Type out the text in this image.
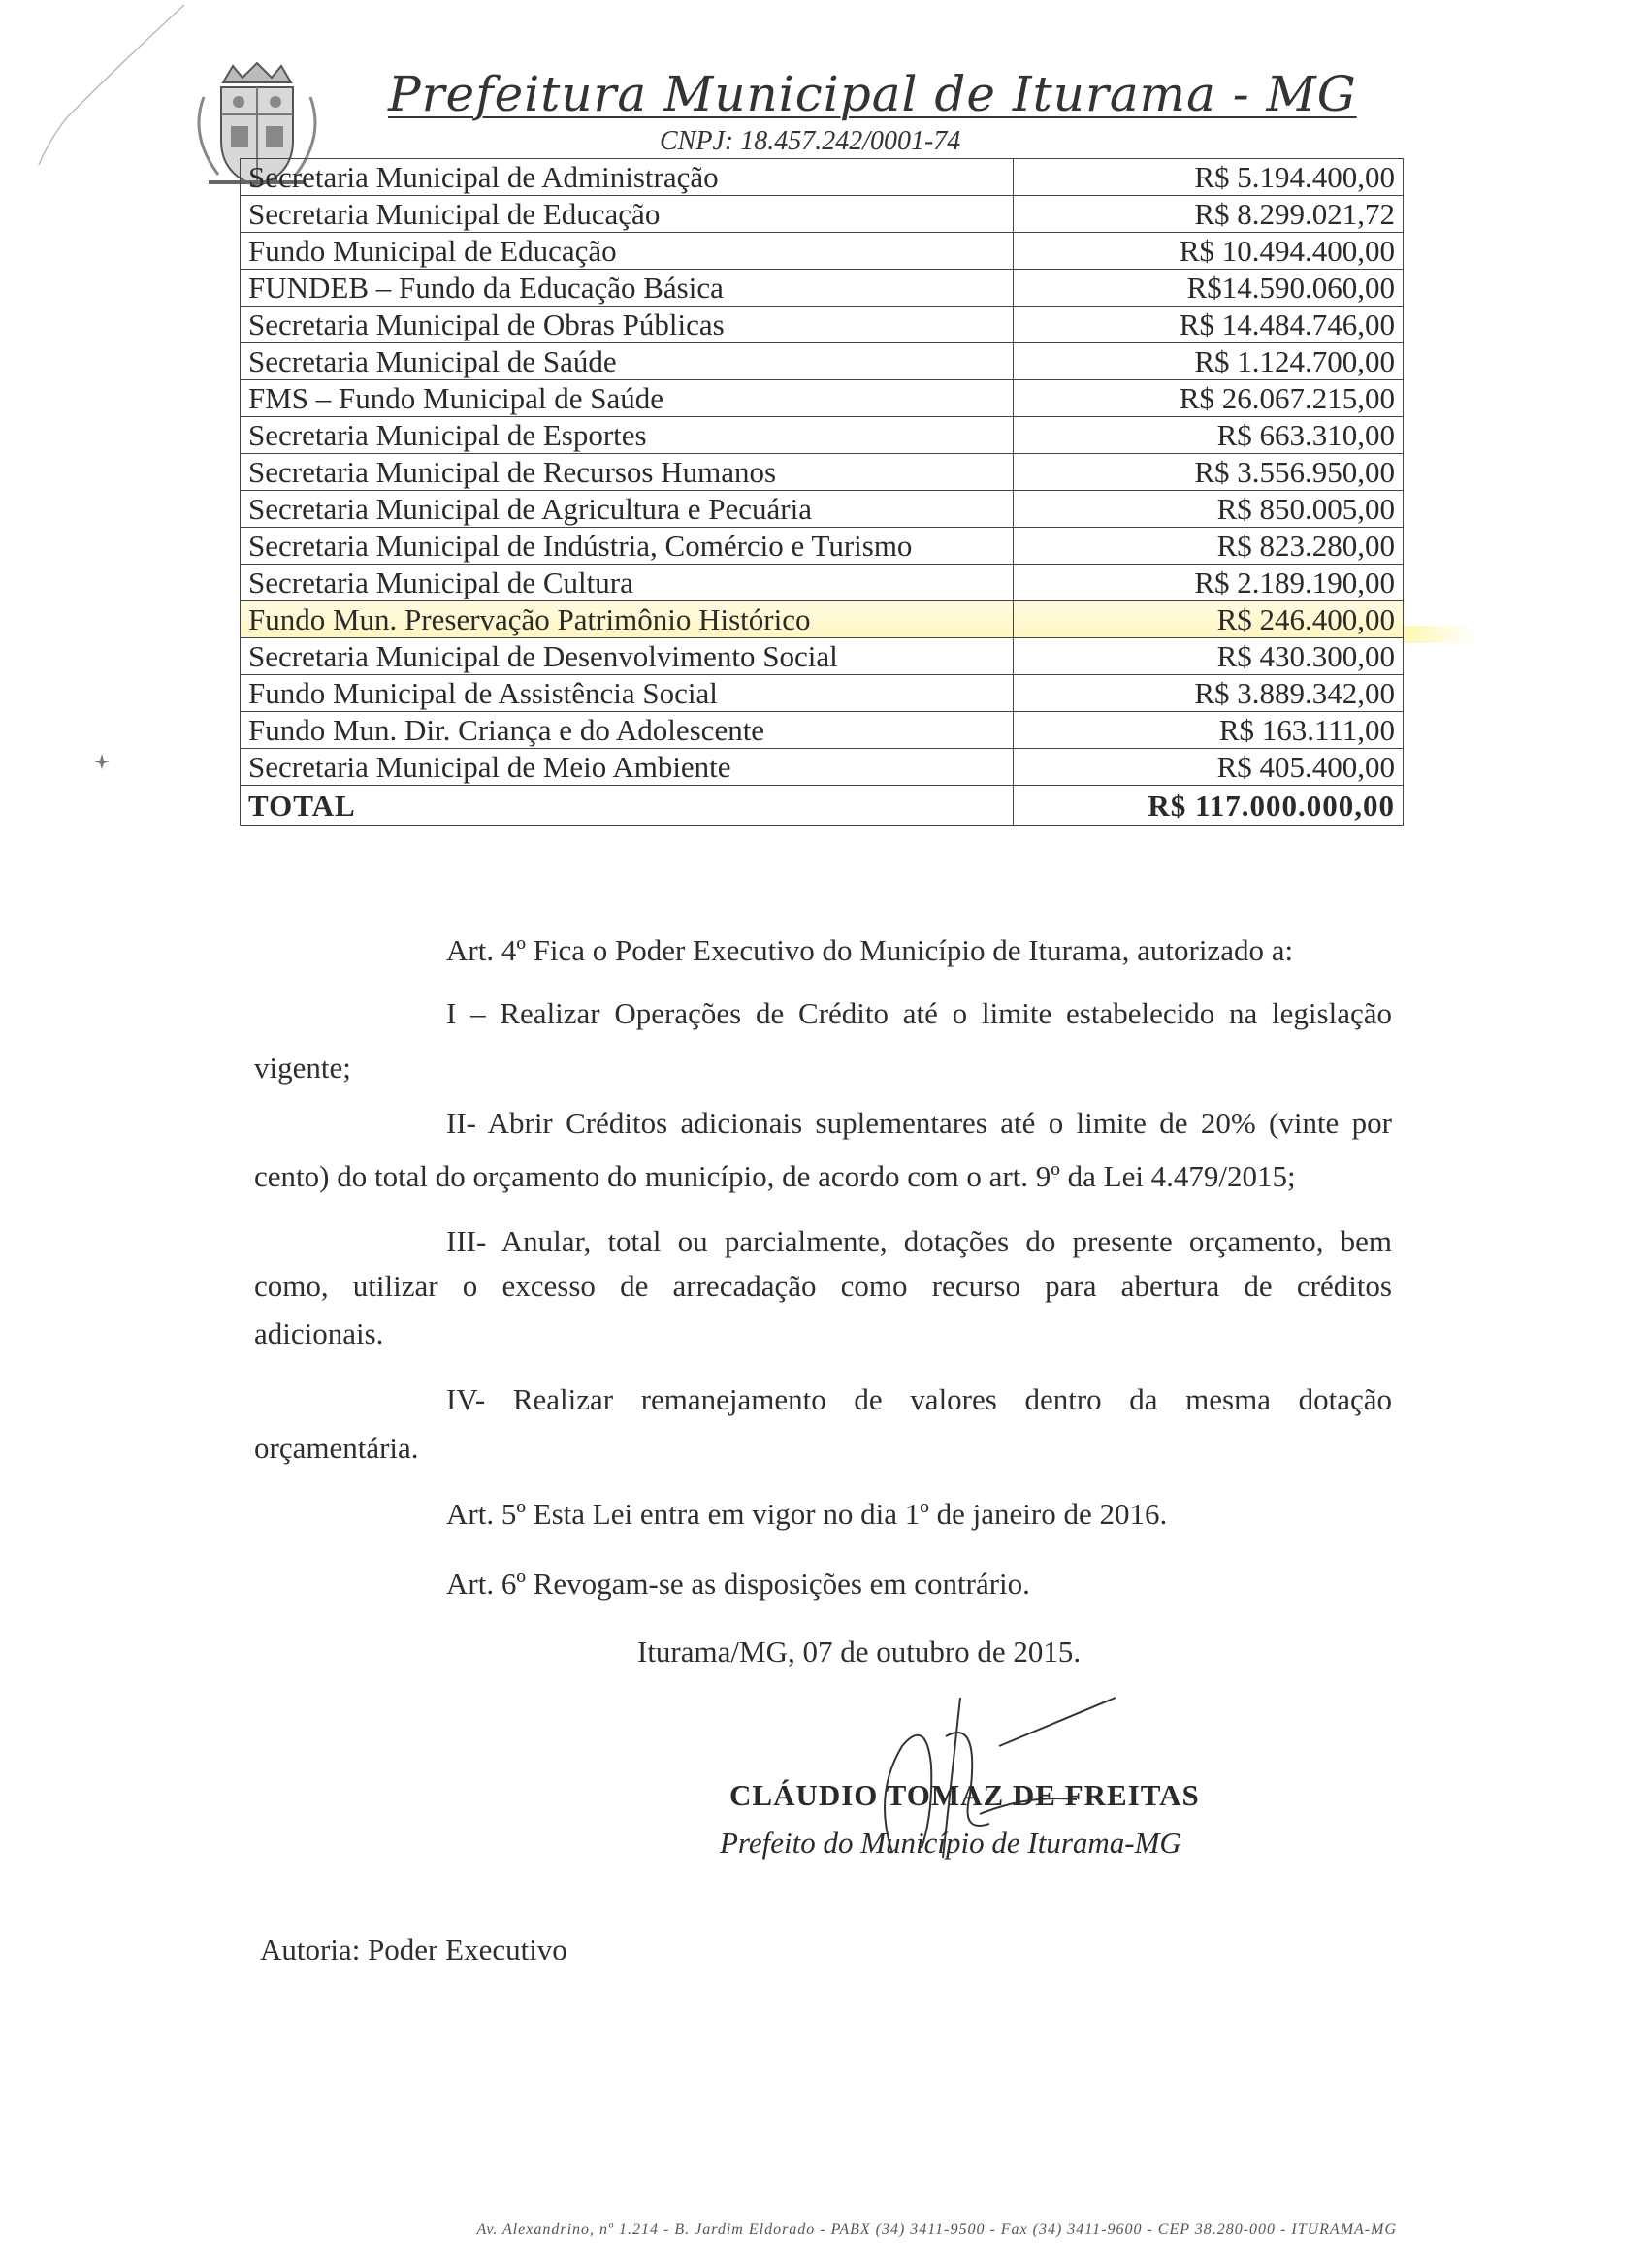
Prefeitura Municipal de Iturama - MG
CNPJ: 18.457.242/0001-74
Secretaria Municipal de Administração	R$ 5.194.400,00
Secretaria Municipal de Educação	R$ 8.299.021,72
Fundo Municipal de Educação	R$ 10.494.400,00
FUNDEB – Fundo da Educação Básica	R$14.590.060,00
Secretaria Municipal de Obras Públicas	R$ 14.484.746,00
Secretaria Municipal de Saúde	R$ 1.124.700,00
FMS – Fundo Municipal de Saúde	R$ 26.067.215,00
Secretaria Municipal de Esportes	R$ 663.310,00
Secretaria Municipal de Recursos Humanos	R$ 3.556.950,00
Secretaria Municipal de Agricultura e Pecuária	R$ 850.005,00
Secretaria Municipal de Indústria, Comércio e Turismo	R$ 823.280,00
Secretaria Municipal de Cultura	R$ 2.189.190,00
Fundo Mun. Preservação Patrimônio Histórico	R$ 246.400,00
Secretaria Municipal de Desenvolvimento Social	R$ 430.300,00
Fundo Municipal de Assistência Social	R$ 3.889.342,00
Fundo Mun. Dir. Criança e do Adolescente	R$ 163.111,00
Secretaria Municipal de Meio Ambiente	R$ 405.400,00
TOTAL	R$ 117.000.000,00

Art. 4º Fica o Poder Executivo do Município de Iturama, autorizado a:

I – Realizar Operações de Crédito até o limite estabelecido na legislação

vigente;

II- Abrir Créditos adicionais suplementares até o limite de 20% (vinte por

cento) do total do orçamento do município, de acordo com o art. 9º da Lei 4.479/2015;

III- Anular, total ou parcialmente, dotações do presente orçamento, bem

como, utilizar o excesso de arrecadação como recurso para abertura de créditos

adicionais.

IV- Realizar remanejamento de valores dentro da mesma dotação

orçamentária.

Art. 5º Esta Lei entra em vigor no dia 1º de janeiro de 2016.

Art. 6º Revogam-se as disposições em contrário.

Iturama/MG, 07 de outubro de 2015.

CLÁUDIO TOMAZ DE FREITAS
Prefeito do Município de Iturama-MG

Autoria: Poder Executivo

Av. Alexandrino, nº 1.214 - B. Jardim Eldorado - PABX (34) 3411-9500 - Fax (34) 3411-9600 - CEP 38.280-000 - ITURAMA-MG
